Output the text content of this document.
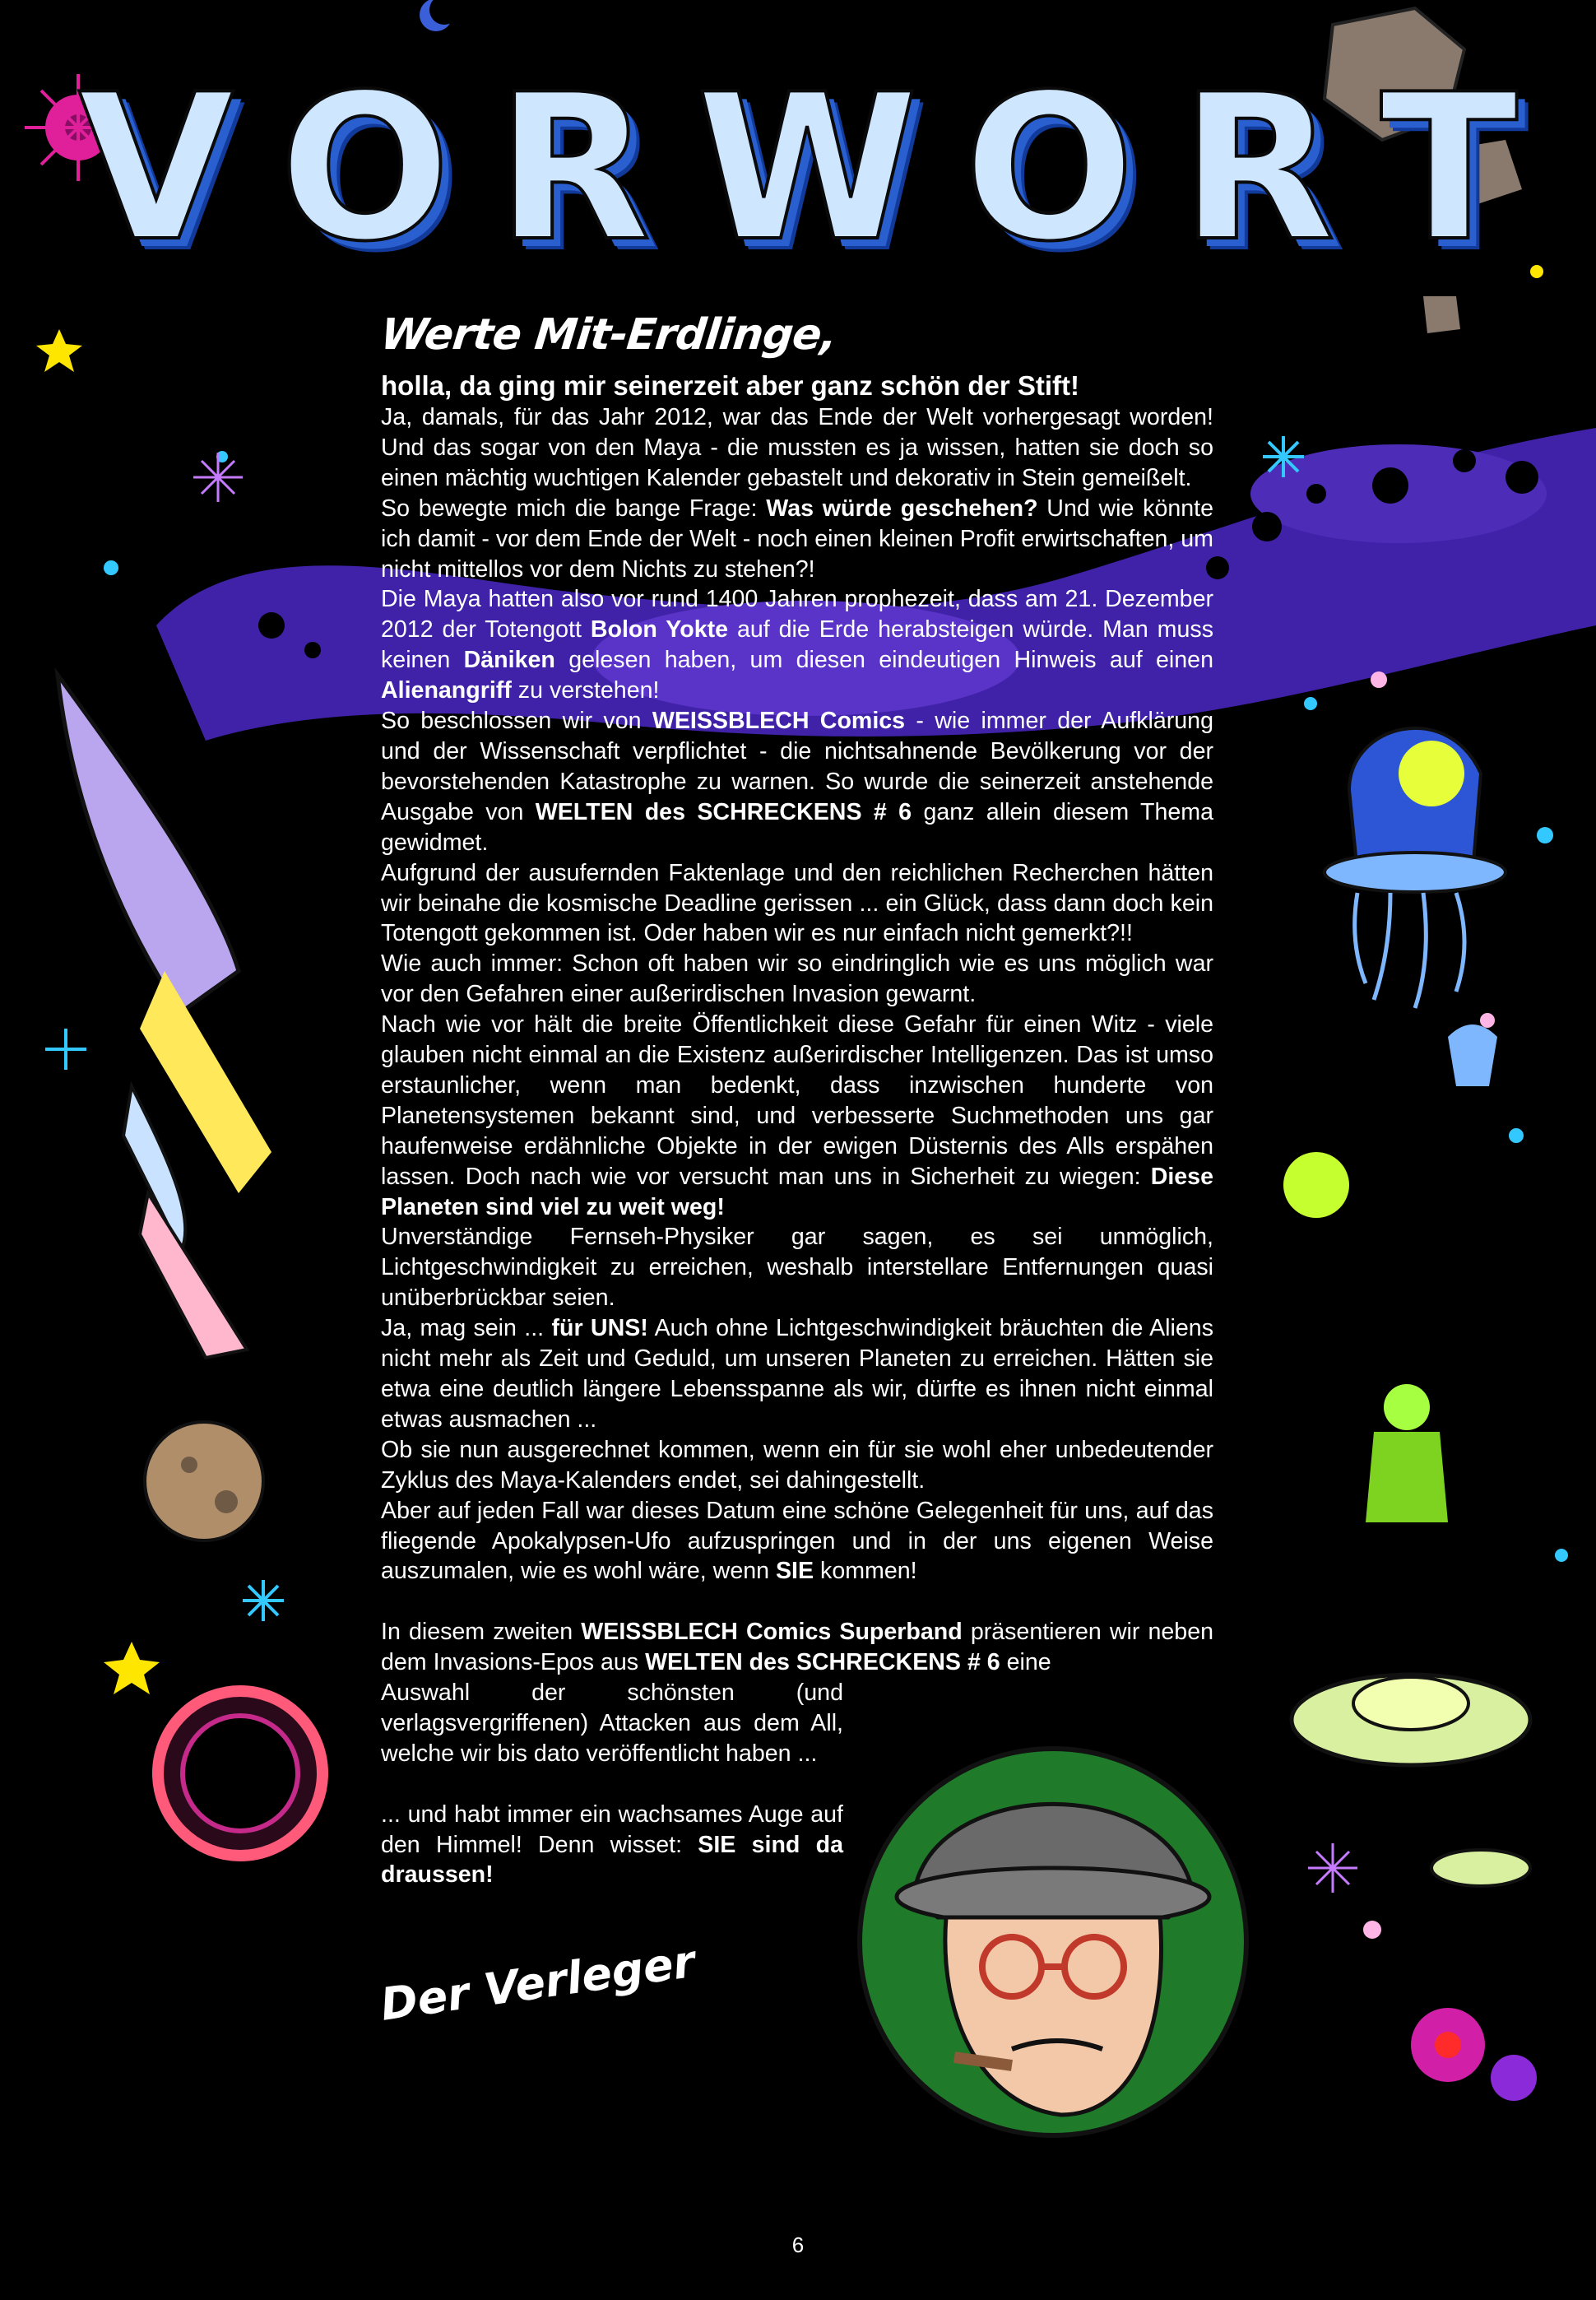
V O R W O R T

Werte Mit-Erdlinge,

holla, da ging mir seinerzeit aber ganz schön der Stift!

Ja, damals, für das Jahr 2012, war das Ende der Welt vorhergesagt worden! Und das sogar von den Maya - die mussten es ja wissen, hatten sie doch so einen mächtig wuchtigen Kalender gebastelt und dekorativ in Stein gemeißelt.

So bewegte mich die bange Frage: Was würde geschehen? Und wie könnte ich damit - vor dem Ende der Welt - noch einen kleinen Profit erwirtschaften, um nicht mittellos vor dem Nichts zu stehen?!

Die Maya hatten also vor rund 1400 Jahren prophezeit, dass am 21. Dezember 2012 der Totengott Bolon Yokte auf die Erde herabsteigen würde. Man muss keinen Däniken gelesen haben, um diesen eindeutigen Hinweis auf einen Alienangriff zu verstehen!

So beschlossen wir von WEISSBLECH Comics - wie immer der Aufklärung und der Wissenschaft verpflichtet - die nichtsahnende Bevölkerung vor der bevorstehenden Katastrophe zu warnen. So wurde die seinerzeit anstehende Ausgabe von WELTEN des SCHRECKENS # 6 ganz allein diesem Thema gewidmet.

Aufgrund der ausufernden Faktenlage und den reichlichen Recherchen hätten wir beinahe die kosmische Deadline gerissen ... ein Glück, dass dann doch kein Totengott gekommen ist. Oder haben wir es nur einfach nicht gemerkt?!!

Wie auch immer: Schon oft haben wir so eindringlich wie es uns möglich war vor den Gefahren einer außerirdischen Invasion gewarnt.

Nach wie vor hält die breite Öffentlichkeit diese Gefahr für einen Witz - viele glauben nicht einmal an die Existenz außerirdischer Intelligenzen. Das ist umso erstaunlicher, wenn man bedenkt, dass inzwischen hunderte von Planetensystemen bekannt sind, und verbesserte Suchmethoden uns gar haufenweise erdähnliche Objekte in der ewigen Düsternis des Alls erspähen lassen. Doch nach wie vor versucht man uns in Sicherheit zu wiegen: Diese Planeten sind viel zu weit weg!

Unverständige Fernseh-Physiker gar sagen, es sei unmöglich, Lichtgeschwindigkeit zu erreichen, weshalb interstellare Entfernungen quasi unüberbrückbar seien.

Ja, mag sein ... für UNS! Auch ohne Lichtgeschwindigkeit bräuchten die Aliens nicht mehr als Zeit und Geduld, um unseren Planeten zu erreichen. Hätten sie etwa eine deutlich längere Lebensspanne als wir, dürfte es ihnen nicht einmal etwas ausmachen ...

Ob sie nun ausgerechnet kommen, wenn ein für sie wohl eher unbedeutender Zyklus des Maya-Kalenders endet, sei dahingestellt.

Aber auf jeden Fall war dieses Datum eine schöne Gelegenheit für uns, auf das fliegende Apokalypsen-Ufo aufzuspringen und in der uns eigenen Weise auszumalen, wie es wohl wäre, wenn SIE kommen!

In diesem zweiten WEISSBLECH Comics Superband präsentieren wir neben dem Invasions-Epos aus WELTEN des SCHRECKENS # 6 eine

Auswahl der schönsten (und verlagsvergriffenen) Attacken aus dem All, welche wir bis dato veröffentlicht haben ...

... und habt immer ein wachsames Auge auf den Himmel! Denn wisset: SIE sind da draussen!

Der Verleger
6
